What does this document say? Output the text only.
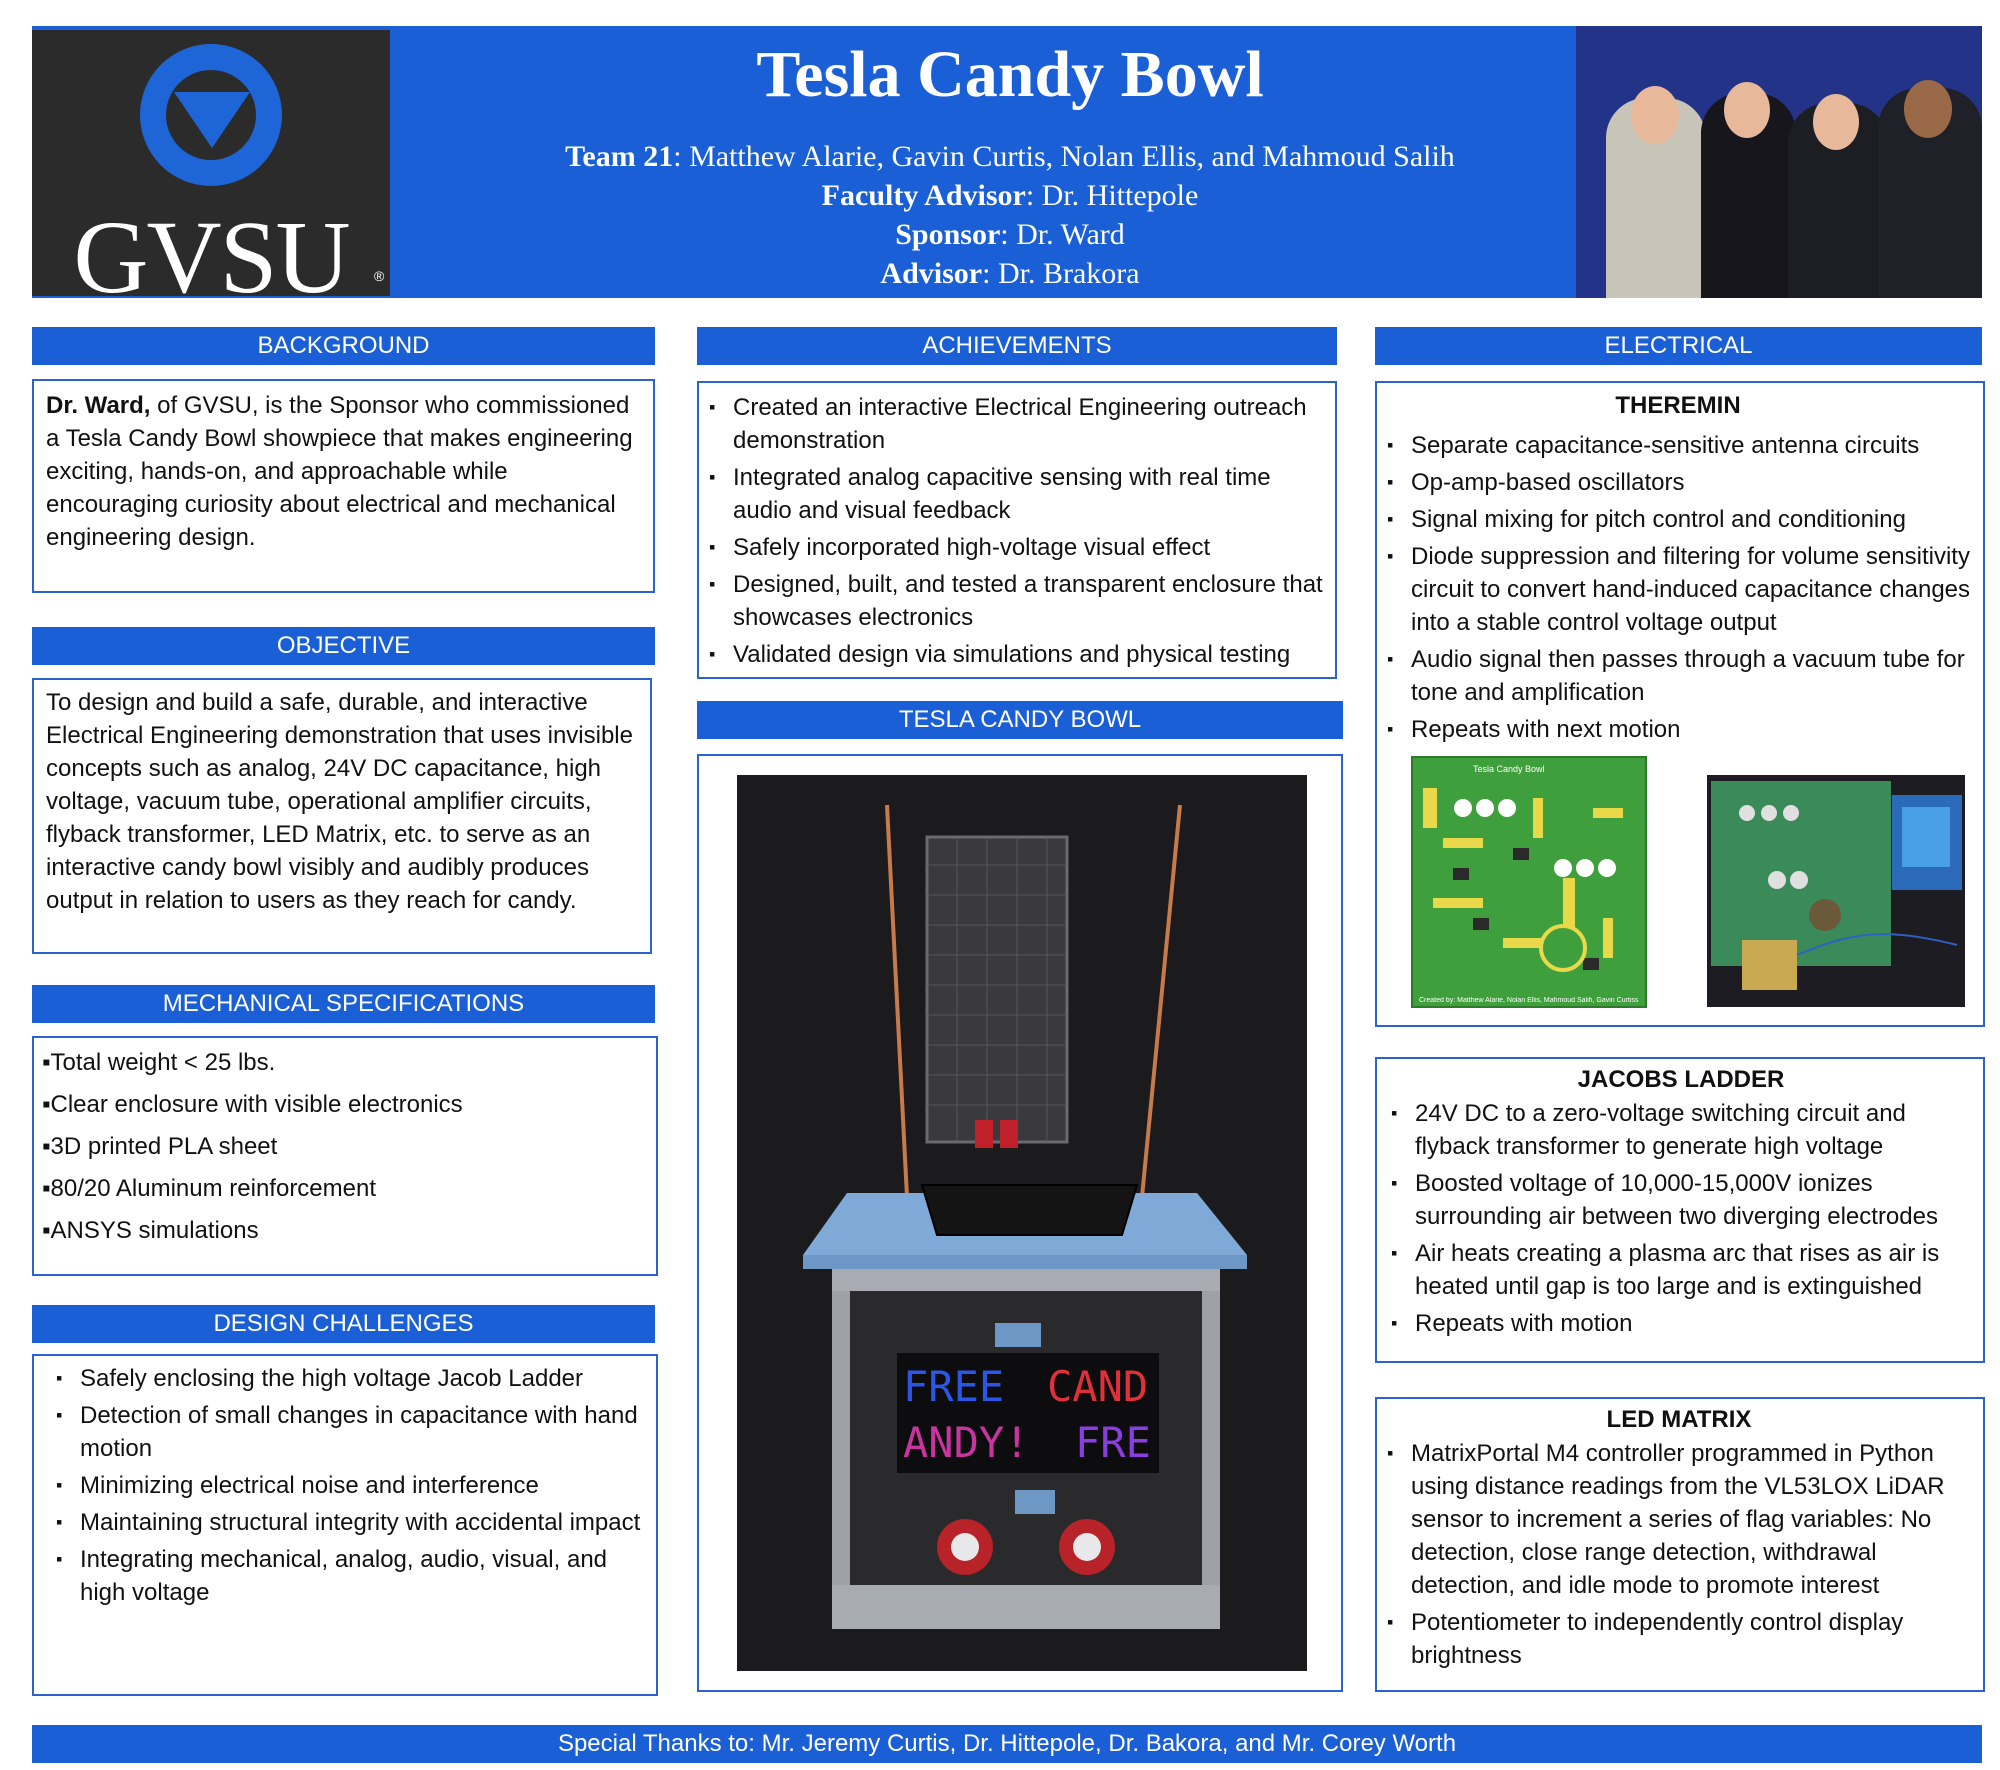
GVSU	®
Tesla Candy Bowl
Team 21: Matthew Alarie, Gavin Curtis, Nolan Ellis, and Mahmoud Salih
Faculty Advisor: Dr. Hittepole
Sponsor: Dr. Ward
Advisor: Dr. Brakora
BACKGROUND
Dr. Ward, of GVSU, is the Sponsor who commissioned a Tesla Candy Bowl showpiece that makes engineering exciting, hands-on, and approachable while encouraging curiosity about electrical and mechanical engineering design.
OBJECTIVE
To design and build a safe, durable, and interactive Electrical Engineering demonstration that uses invisible concepts such as analog, 24V DC capacitance, high voltage, vacuum tube, operational amplifier circuits, flyback transformer, LED Matrix, etc. to serve as an interactive candy bowl visibly and audibly produces output in relation to users as they reach for candy.
MECHANICAL SPECIFICATIONS
▪Total weight < 25 lbs.
▪Clear enclosure with visible electronics
▪3D printed PLA sheet
▪80/20 Aluminum reinforcement
▪ANSYS simulations
DESIGN CHALLENGES
▪ Safely enclosing the high voltage Jacob Ladder
▪ Detection of small changes in capacitance with hand motion
▪ Minimizing electrical noise and interference
▪ Maintaining structural integrity with accidental impact
▪ Integrating mechanical, analog, audio, visual, and high voltage
ACHIEVEMENTS
▪ Created an interactive Electrical Engineering outreach demonstration
▪ Integrated analog capacitive sensing with real time audio and visual feedback
▪ Safely incorporated high-voltage visual effect
▪ Designed, built, and tested a transparent enclosure that showcases electronics
▪ Validated design via simulations and physical testing
TESLA CANDY BOWL
FREE CAND
ANDY! FRE
ELECTRICAL
THEREMIN
▪ Separate capacitance-sensitive antenna circuits
▪ Op-amp-based oscillators
▪ Signal mixing for pitch control and conditioning
▪ Diode suppression and filtering for volume sensitivity circuit to convert hand-induced capacitance changes into a stable control voltage output
▪ Audio signal then passes through a vacuum tube for tone and amplification
▪ Repeats with next motion
Tesla Candy Bowl
Created by: Matthew Alarie, Nolan Ellis, Mahmoud Salih, Gavin Curtiss
JACOBS LADDER
▪ 24V DC to a zero-voltage switching circuit and flyback transformer to generate high voltage
▪ Boosted voltage of 10,000-15,000V ionizes surrounding air between two diverging electrodes
▪ Air heats creating a plasma arc that rises as air is heated until gap is too large and is extinguished
▪ Repeats with motion
LED MATRIX
▪ MatrixPortal M4 controller programmed in Python using distance readings from the VL53LOX LiDAR sensor to increment a series of flag variables: No detection, close range detection, withdrawal detection, and idle mode to promote interest
▪ Potentiometer to independently control display brightness
Special Thanks to: Mr. Jeremy Curtis, Dr. Hittepole, Dr. Bakora, and Mr. Corey Worth
